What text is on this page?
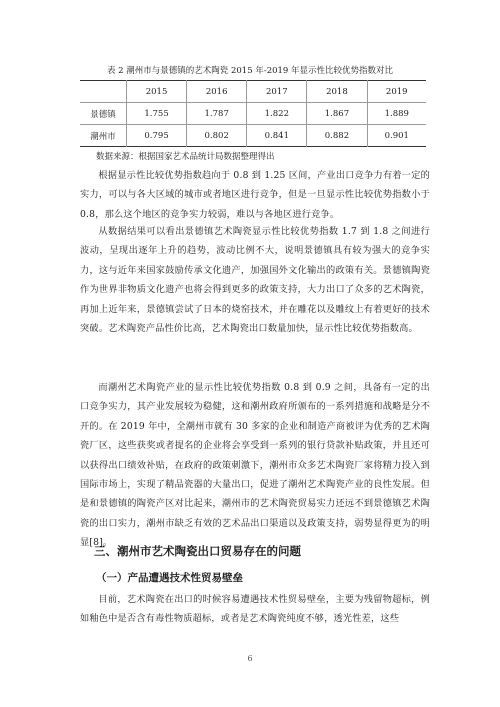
表 2 潮州市与景德镇的艺术陶瓷 2015 年-2019 年显示性比较优势指数对比
	2015	2016	2017	2018	2019
景德镇	1.755	1.787	1.822	1.867	1.889
潮州市	0.795	0.802	0.841	0.882	0.901
数据来源：根据国家艺术品统计局数据整理得出

根据显示性比较优势指数趋向于 0.8 到 1.25 区间，产业出口竞争力有着一定的实力，可以与各大区域的城市或者地区进行竞争，但是一旦显示性比较优势指数小于 0.8，那么这个地区的竞争实力较弱，难以与各地区进行竞争。

从数据结果可以看出景德镇艺术陶瓷显示性比较优势指数 1.7 到 1.8 之间进行波动，呈现出逐年上升的趋势，波动比例不大，说明景德镇具有较为强大的竞争实力，这与近年来国家鼓励传承文化遗产，加强国外文化输出的政策有关。景德镇陶瓷作为世界非物质文化遗产也将会得到更多的政策支持，大力出口了众多的艺术陶瓷，再加上近年来，景德镇尝试了日本的烧窑技术，并在雕花以及雕纹上有着更好的技术突破。艺术陶瓷产品性价比高，艺术陶瓷出口数量加快，显示性比较优势指数高。

而潮州艺术陶瓷产业的显示性比较优势指数 0.8 到 0.9 之间，具备有一定的出口竞争实力，其产业发展较为稳健，这和潮州政府所颁布的一系列措施和战略是分不开的。在 2019 年中，全潮州市就有 30 多家的企业和制造产商被评为优秀的艺术陶瓷厂区，这些获奖或者提名的企业将会享受到一系列的银行贷款补贴政策，并且还可以获得出口绩效补贴，在政府的政策刺激下，潮州市众多艺术陶瓷厂家将精力投入到国际市场上，实现了精品瓷器的大量出口，促进了潮州艺术陶瓷产业的良性发展。但是和景德镇的陶瓷产区对比起来，潮州市的艺术陶瓷贸易实力还远不到景德镇艺术陶瓷的出口实力，潮州市缺乏有效的艺术品出口渠道以及政策支持，弱势显得更为的明显[8]。

三、潮州市艺术陶瓷出口贸易存在的问题
（一）产品遭遇技术性贸易壁垒

目前，艺术陶瓷在出口的时候容易遭遇技术性贸易壁垒，主要为残留物超标，例如釉色中是否含有毒性物质超标，或者是艺术陶瓷纯度不够，透光性差，这些

6
